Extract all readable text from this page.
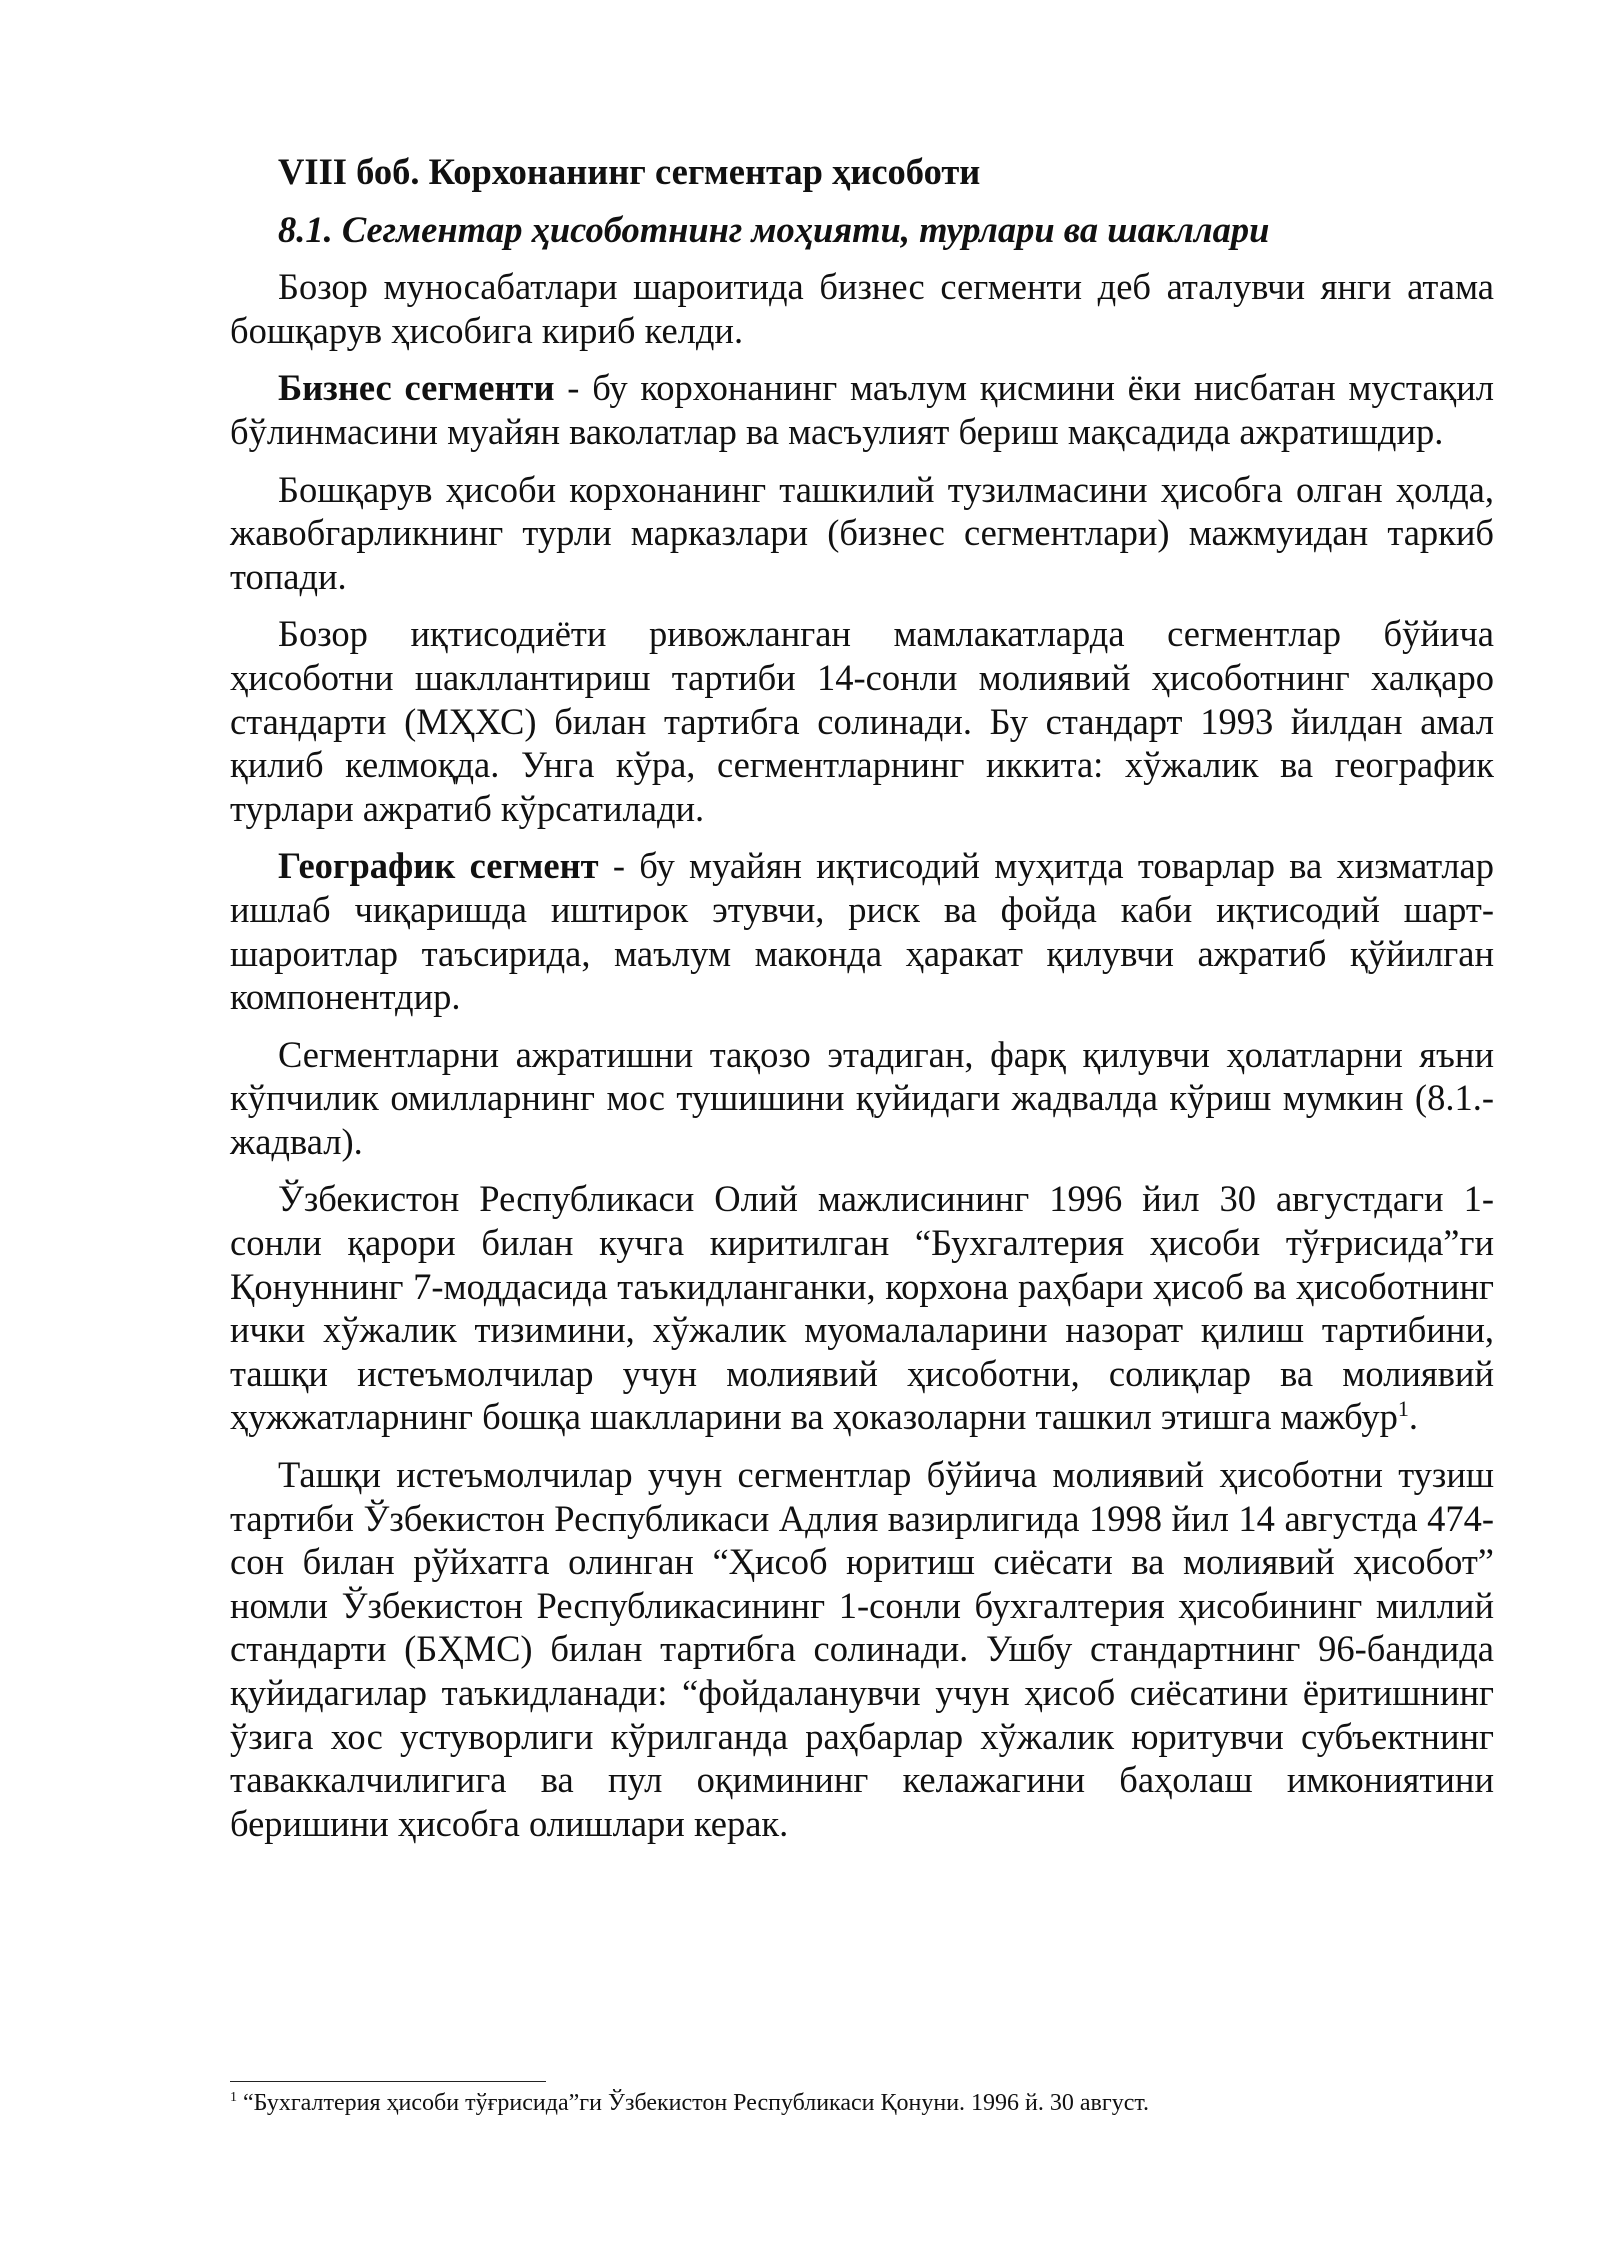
VIII боб. Корхонанинг сегментар ҳисоботи

8.1. Сегментар ҳисоботнинг моҳияти, турлари ва шакллари

Бозор муносабатлари шароитида бизнес сегменти деб аталувчи янги атама бошқарув ҳисобига кириб келди.

Бизнес сегменти - бу корхонанинг маълум қисмини ёки нисбатан мустақил бўлинмасини муайян ваколатлар ва масъулият бериш мақсадида ажратишдир.

Бошқарув ҳисоби корхонанинг ташкилий тузилмасини ҳисобга олган ҳолда, жавобгарликнинг турли марказлари (бизнес сегментлари) мажмуидан таркиб топади.

Бозор иқтисодиёти ривожланган мамлакатларда сегментлар бўйича ҳисоботни шакллантириш тартиби 14-сонли молиявий ҳисоботнинг халқаро стандарти (МҲХС) билан тартибга солинади. Бу стандарт 1993 йилдан амал қилиб келмоқда. Унга кўра, сегментларнинг иккита: хўжалик ва географик турлари ажратиб кўрсатилади.

Географик сегмент - бу муайян иқтисодий муҳитда товарлар ва хизматлар ишлаб чиқаришда иштирок этувчи, риск ва фойда каби иқтисодий шарт-шароитлар таъсирида, маълум маконда ҳаракат қилувчи ажратиб қўйилган компонентдир.

Сегментларни ажратишни тақозо этадиган, фарқ қилувчи ҳолатларни яъни кўпчилик омилларнинг мос тушишини қуйидаги жадвалда кўриш мумкин (8.1.-жадвал).

Ўзбекистон Республикаси Олий мажлисининг 1996 йил 30 августдаги 1-сонли қарори билан кучга киритилган “Бухгалтерия ҳисоби тўғрисида”ги Қонуннинг 7-моддасида таъкидланганки, корхона раҳбари ҳисоб ва ҳисоботнинг ички хўжалик тизимини, хўжалик муомалаларини назорат қилиш тартибини, ташқи истеъмолчилар учун молиявий ҳисоботни, солиқлар ва молиявий ҳужжатларнинг бошқа шаклларини ва ҳоказоларни ташкил этишга мажбур$^1$.

Ташқи истеъмолчилар учун сегментлар бўйича молиявий ҳисоботни тузиш тартиби Ўзбекистон Республикаси Адлия вазирлигида 1998 йил 14 августда 474-сон билан рўйхатга олинган “Ҳисоб юритиш сиёсати ва молиявий ҳисобот” номли Ўзбекистон Республикасининг 1-сонли бухгалтерия ҳисобининг миллий стандарти (БҲМС) билан тартибга солинади. Ушбу стандартнинг 96-бандида қуйидагилар таъкидланади: “фойдаланувчи учун ҳисоб сиёсатини ёритишнинг ўзига хос устуворлиги кўрилганда раҳбарлар хўжалик юритувчи субъектнинг таваккалчилигига ва пул оқимининг келажагини баҳолаш имкониятини беришини ҳисобга олишлари керак.

$^1$ “Бухгалтерия ҳисоби тўғрисида”ги Ўзбекистон Республикаси Қонуни. 1996 й. 30 август.
